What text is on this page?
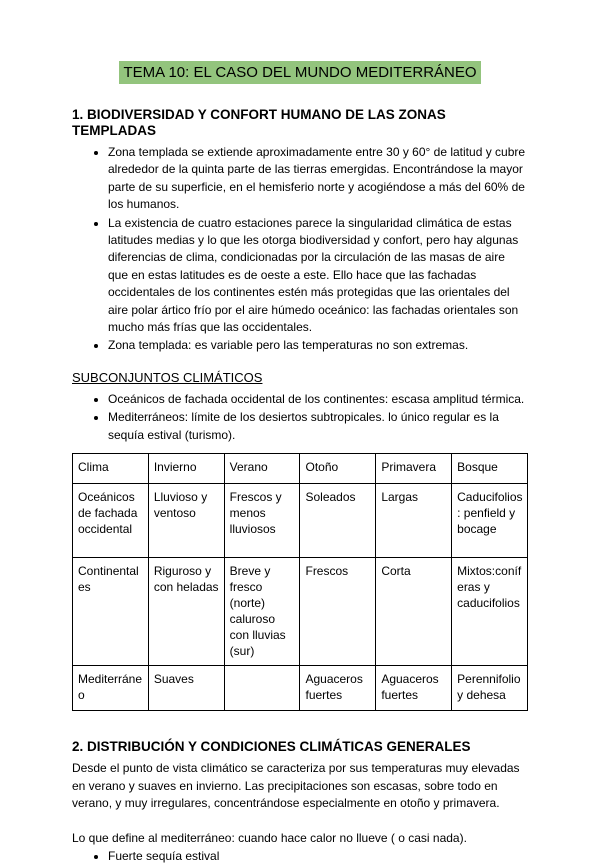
TEMA 10: EL CASO DEL MUNDO MEDITERRÁNEO
1. BIODIVERSIDAD Y CONFORT HUMANO DE LAS ZONAS TEMPLADAS
• Zona templada se extiende aproximadamente entre 30 y 60° de latitud y cubre alrededor de la quinta parte de las tierras emergidas. Encontrándose la mayor parte de su superficie, en el hemisferio norte y acogiéndose a más del 60% de los humanos.
• La existencia de cuatro estaciones parece la singularidad climática de estas latitudes medias y lo que les otorga biodiversidad y confort, pero hay algunas diferencias de clima, condicionadas por la circulación de las masas de aire que en estas latitudes es de oeste a este. Ello hace que las fachadas occidentales de los continentes estén más protegidas que las orientales del aire polar ártico frío por el aire húmedo oceánico: las fachadas orientales son mucho más frías que las occidentales.
• Zona templada: es variable pero las temperaturas no son extremas.
SUBCONJUNTOS CLIMÁTICOS
• Oceánicos de fachada occidental de los continentes: escasa amplitud térmica.
• Mediterráneos: límite de los desiertos subtropicales. lo único regular es la sequía estival (turismo).
Clima	Invierno	Verano	Otoño	Primavera	Bosque
Oceánicos de fachada occidental	Lluvioso y ventoso	Frescos y menos lluviosos	Soleados	Largas	Caducifolios: penfield y bocage
Continentales	Riguroso y con heladas	Breve y fresco (norte) caluroso con lluvias (sur)	Frescos	Corta	Mixtos:coníferas y caducifolios
Mediterráneo	Suaves		Aguaceros fuertes	Aguaceros fuertes	Perennifolio y dehesa
2. DISTRIBUCIÓN Y CONDICIONES CLIMÁTICAS GENERALES

Desde el punto de vista climático se caracteriza por sus temperaturas muy elevadas en verano y suaves en invierno. Las precipitaciones son escasas, sobre todo en verano, y muy irregulares, concentrándose especialmente en otoño y primavera.

Lo que define al mediterráneo: cuando hace calor no llueve ( o casi nada).

• Fuerte sequía estival
